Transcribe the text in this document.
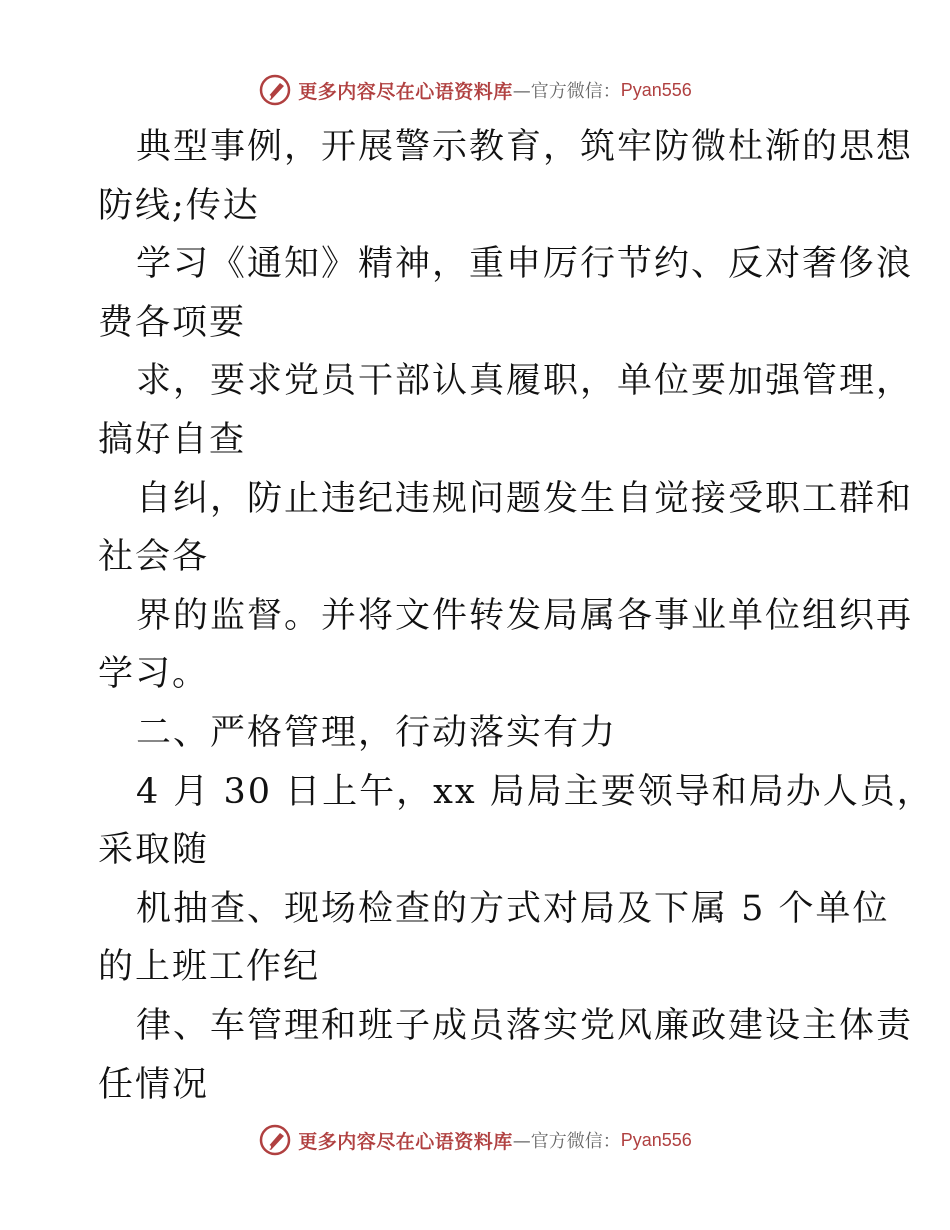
更多内容尽在心语资料库 —官方微信： Pyan556
典型事例，开展警示教育，筑牢防微杜渐的思想
防线;传达
学习《通知》精神，重申厉行节约、反对奢侈浪
费各项要
求，要求党员干部认真履职，单位要加强管理，
搞好自查
自纠，防止违纪违规问题发生自觉接受职工群和
社会各
界的监督。并将文件转发局属各事业单位组织再
学习。
二、严格管理，行动落实有力
4 月 30 日上午，xx 局局主要领导和局办人员，
采取随
机抽查、现场检查的方式对局及下属 5 个单位
的上班工作纪
律、车管理和班子成员落实党风廉政建设主体责
任情况
更多内容尽在心语资料库 —官方微信： Pyan556
